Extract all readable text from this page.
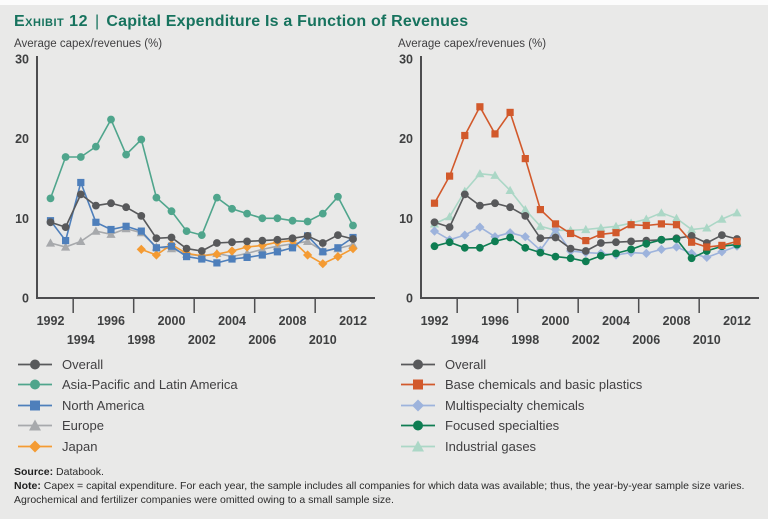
Exhibit 12 | Capital Expenditure Is a Function of Revenues
Average capex/revenues (%)
30
20
10
0
1992	1996	2000	2004	2008	2012
1994	1998	2002	2006	2010
Average capex/revenues (%)
30
20
10
0
1992	1996	2000	2004	2008	2012
1994	1998	2002	2006	2010
Overall
Asia-Pacific and Latin America
North America
Europe
Japan
Overall
Base chemicals and basic plastics
Multispecialty chemicals
Focused specialties
Industrial gases
Source: Databook.
Note: Capex = capital expenditure. For each year, the sample includes all companies for which data was available; thus, the year-by-year sample size varies. Agrochemical and fertilizer companies were omitted owing to a small sample size.
